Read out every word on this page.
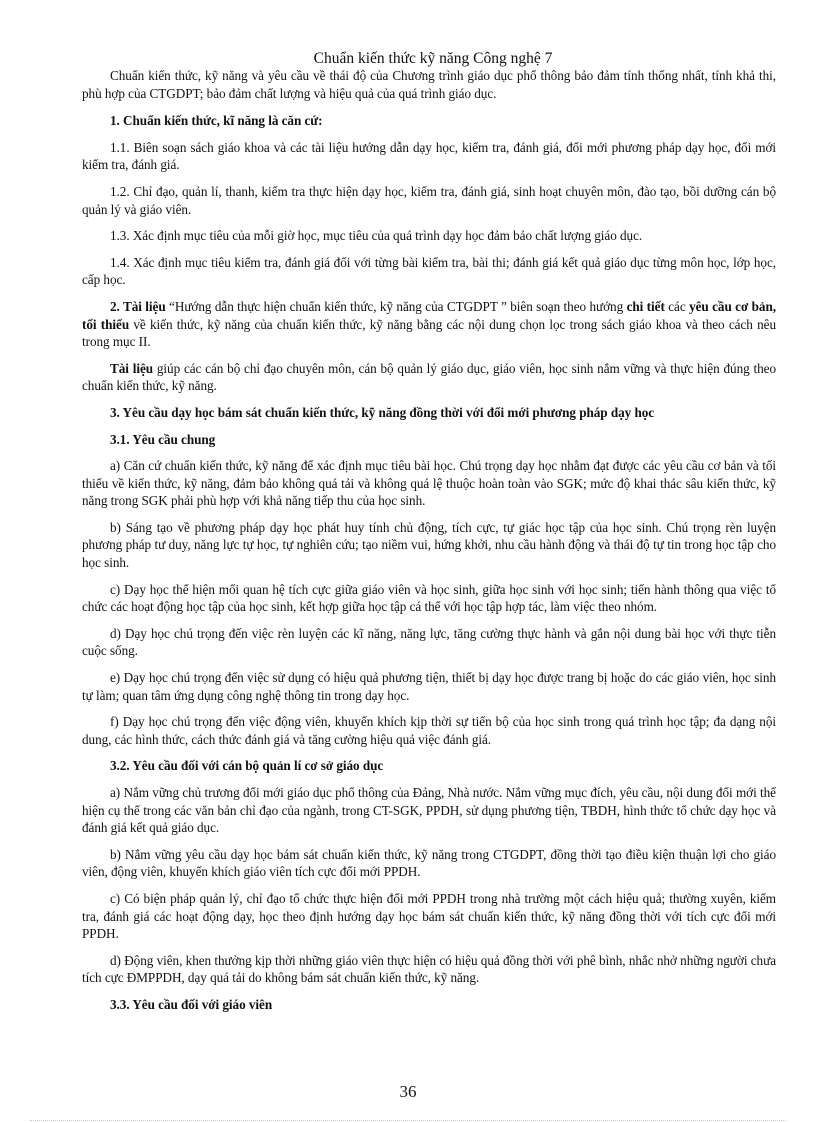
Chuẩn kiến thức kỹ năng Công nghệ 7

Chuẩn kiến thức, kỹ năng và yêu cầu về thái độ của Chương trình giáo dục phổ thông bảo đảm tính thống nhất, tính khả thi, phù hợp của CTGDPT; bảo đảm chất lượng và hiệu quả của quá trình giáo dục.

1. Chuẩn kiến thức, kĩ năng là căn cứ:

1.1. Biên soạn sách giáo khoa và các tài liệu hướng dẫn dạy học, kiểm tra, đánh giá, đổi mới phương pháp dạy học, đổi mới kiểm tra, đánh giá.

1.2. Chỉ đạo, quản lí, thanh, kiểm tra thực hiện dạy học, kiểm tra, đánh giá, sinh hoạt chuyên môn, đào tạo, bồi dưỡng cán bộ quản lý và giáo viên.

1.3. Xác định mục tiêu của mỗi giờ học, mục tiêu của quá trình dạy học đảm bảo chất lượng giáo dục.

1.4. Xác định mục tiêu kiểm tra, đánh giá đối với từng bài kiểm tra, bài thi; đánh giá kết quả giáo dục từng môn học, lớp học, cấp học.

2. Tài liệu “Hướng dẫn thực hiện chuẩn kiến thức, kỹ năng của CTGDPT ” biên soạn theo hướng chi tiết các yêu cầu cơ bản, tối thiểu về kiến thức, kỹ năng của chuẩn kiến thức, kỹ năng bằng các nội dung chọn lọc trong sách giáo khoa và theo cách nêu trong mục II.

Tài liệu giúp các cán bộ chỉ đạo chuyên môn, cán bộ quản lý giáo dục, giáo viên, học sinh nắm vững và thực hiện đúng theo chuẩn kiến thức, kỹ năng.

3. Yêu cầu dạy học bám sát chuẩn kiến thức, kỹ năng đồng thời với đổi mới phương pháp dạy học

3.1. Yêu cầu chung

a) Căn cứ chuẩn kiến thức, kỹ năng để xác định mục tiêu bài học. Chú trọng dạy học nhằm đạt được các yêu cầu cơ bản và tối thiểu về kiến thức, kỹ năng, đảm bảo không quá tải và không quá lệ thuộc hoàn toàn vào SGK; mức độ khai thác sâu kiến thức, kỹ năng trong SGK phải phù hợp với khả năng tiếp thu của học sinh.

b) Sáng tạo về phương pháp dạy học phát huy tính chủ động, tích cực, tự giác học tập của học sinh. Chú trọng rèn luyện phương pháp tư duy, năng lực tự học, tự nghiên cứu; tạo niềm vui, hứng khởi, nhu cầu hành động và thái độ tự tin trong học tập cho học sinh.

c) Dạy học thể hiện mối quan hệ tích cực giữa giáo viên và học sinh, giữa học sinh với học sinh; tiến hành thông qua việc tổ chức các hoạt động học tập của học sinh, kết hợp giữa học tập cá thể với học tập hợp tác, làm việc theo nhóm.

d) Dạy học chú trọng đến việc rèn luyện các kĩ năng, năng lực, tăng cường thực hành và gắn nội dung bài học với thực tiễn cuộc sống.

e) Dạy học chú trọng đến việc sử dụng có hiệu quả phương tiện, thiết bị dạy học được trang bị hoặc do các giáo viên, học sinh tự làm; quan tâm ứng dụng công nghệ thông tin trong dạy học.

f) Dạy học chú trọng đến việc động viên, khuyến khích kịp thời sự tiến bộ của học sinh trong quá trình học tập; đa dạng nội dung, các hình thức, cách thức đánh giá và tăng cường hiệu quả việc đánh giá.

3.2. Yêu cầu đối với cán bộ quản lí cơ sở giáo dục

a) Nắm vững chủ trương đổi mới giáo dục phổ thông của Đảng, Nhà nước. Nắm vững mục đích, yêu cầu, nội dung đổi mới thể hiện cụ thể trong các văn bản chỉ đạo của ngành, trong CT-SGK, PPDH, sử dụng phương tiện, TBDH, hình thức tổ chức dạy học và đánh giá kết quả giáo dục.

b) Nắm vững yêu cầu dạy học bám sát chuẩn kiến thức, kỹ năng trong CTGDPT, đồng thời tạo điều kiện thuận lợi cho giáo viên, động viên, khuyến khích giáo viên tích cực đổi mới PPDH.

c) Có biện pháp quản lý, chỉ đạo tổ chức thực hiện đổi mới PPDH trong nhà trường một cách hiệu quả; thường xuyên, kiểm tra, đánh giá các hoạt động dạy, học theo định hướng dạy học bám sát chuẩn kiến thức, kỹ năng đồng thời với tích cực đổi mới PPDH.

d) Động viên, khen thưởng kịp thời những giáo viên thực hiện có hiệu quả đồng thời với phê bình, nhắc nhở những người chưa tích cực ĐMPPDH, dạy quá tải do không bám sát chuẩn kiến thức, kỹ năng.

3.3. Yêu cầu đối với giáo viên

36
